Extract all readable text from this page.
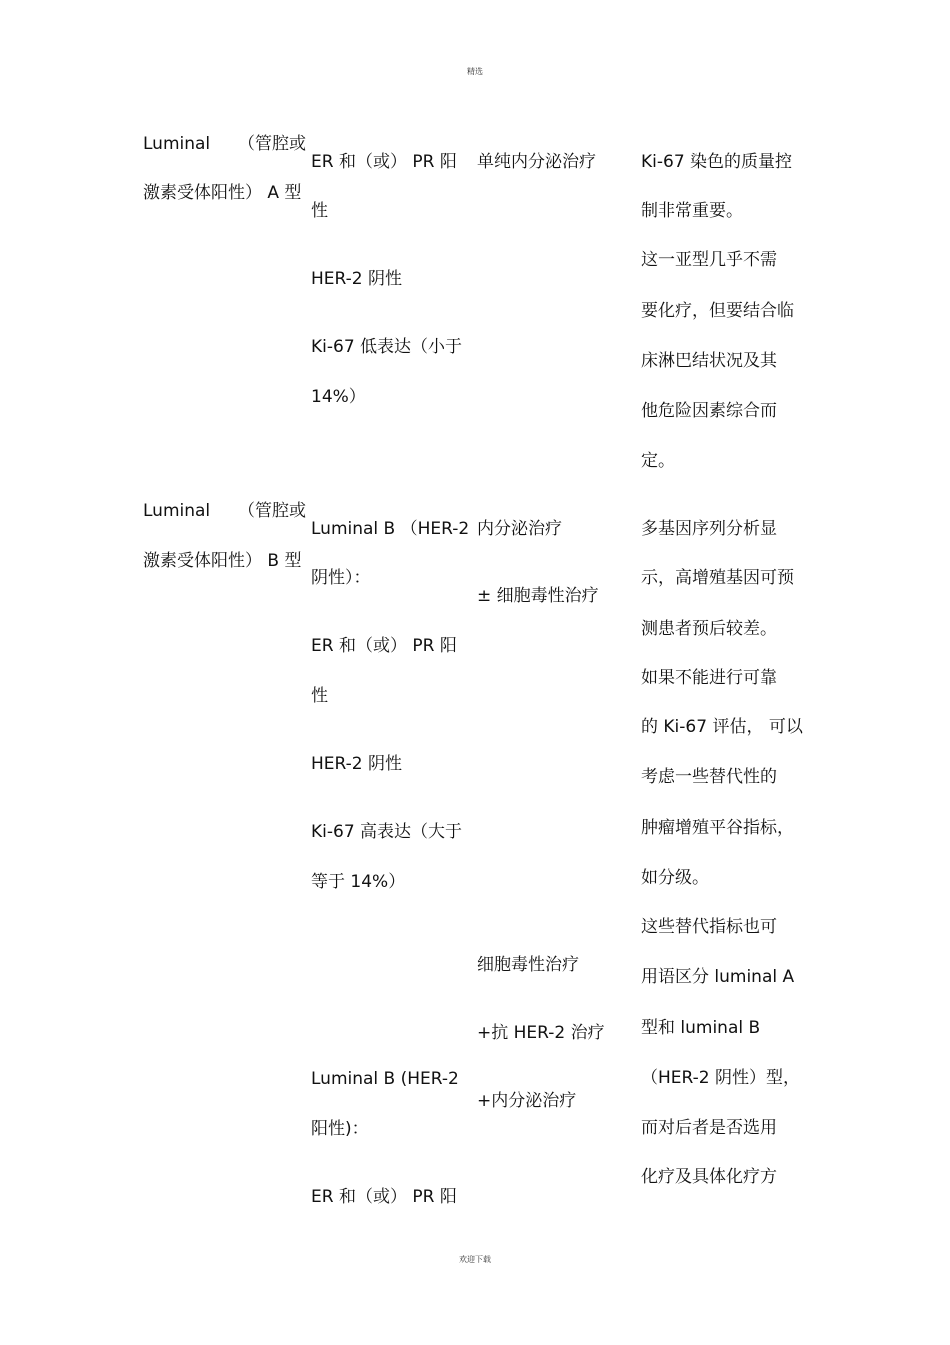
精选
Luminal （管腔或
激素受体阳性） A 型
ER 和（或） PR 阳
性
HER-2 阴性
Ki-67 低表达（小于
14%）
单纯内分泌治疗	Ki-67 染色的质量控
制非常重要。
这一亚型几乎不需
要化疗，但要结合临
床淋巴结状况及其
他危险因素综合而
定。
Luminal （管腔或
激素受体阳性） B 型
Luminal B （HER-2
阴性）：
ER 和（或） PR 阳
性
HER-2 阴性
Ki-67 高表达（大于
等于 14%）
Luminal B (HER-2
阳性)：
ER 和（或） PR 阳
内分泌治疗
± 细胞毒性治疗
细胞毒性治疗
+抗 HER-2 治疗
+内分泌治疗
多基因序列分析显
示，高增殖基因可预
测患者预后较差。
如果不能进行可靠
的 Ki-67 评估， 可以
考虑一些替代性的
肿瘤增殖平谷指标，
如分级。
这些替代指标也可
用语区分 luminal A
型和 luminal B
（HER-2 阴性）型，
而对后者是否选用
化疗及具体化疗方
欢迎下载
